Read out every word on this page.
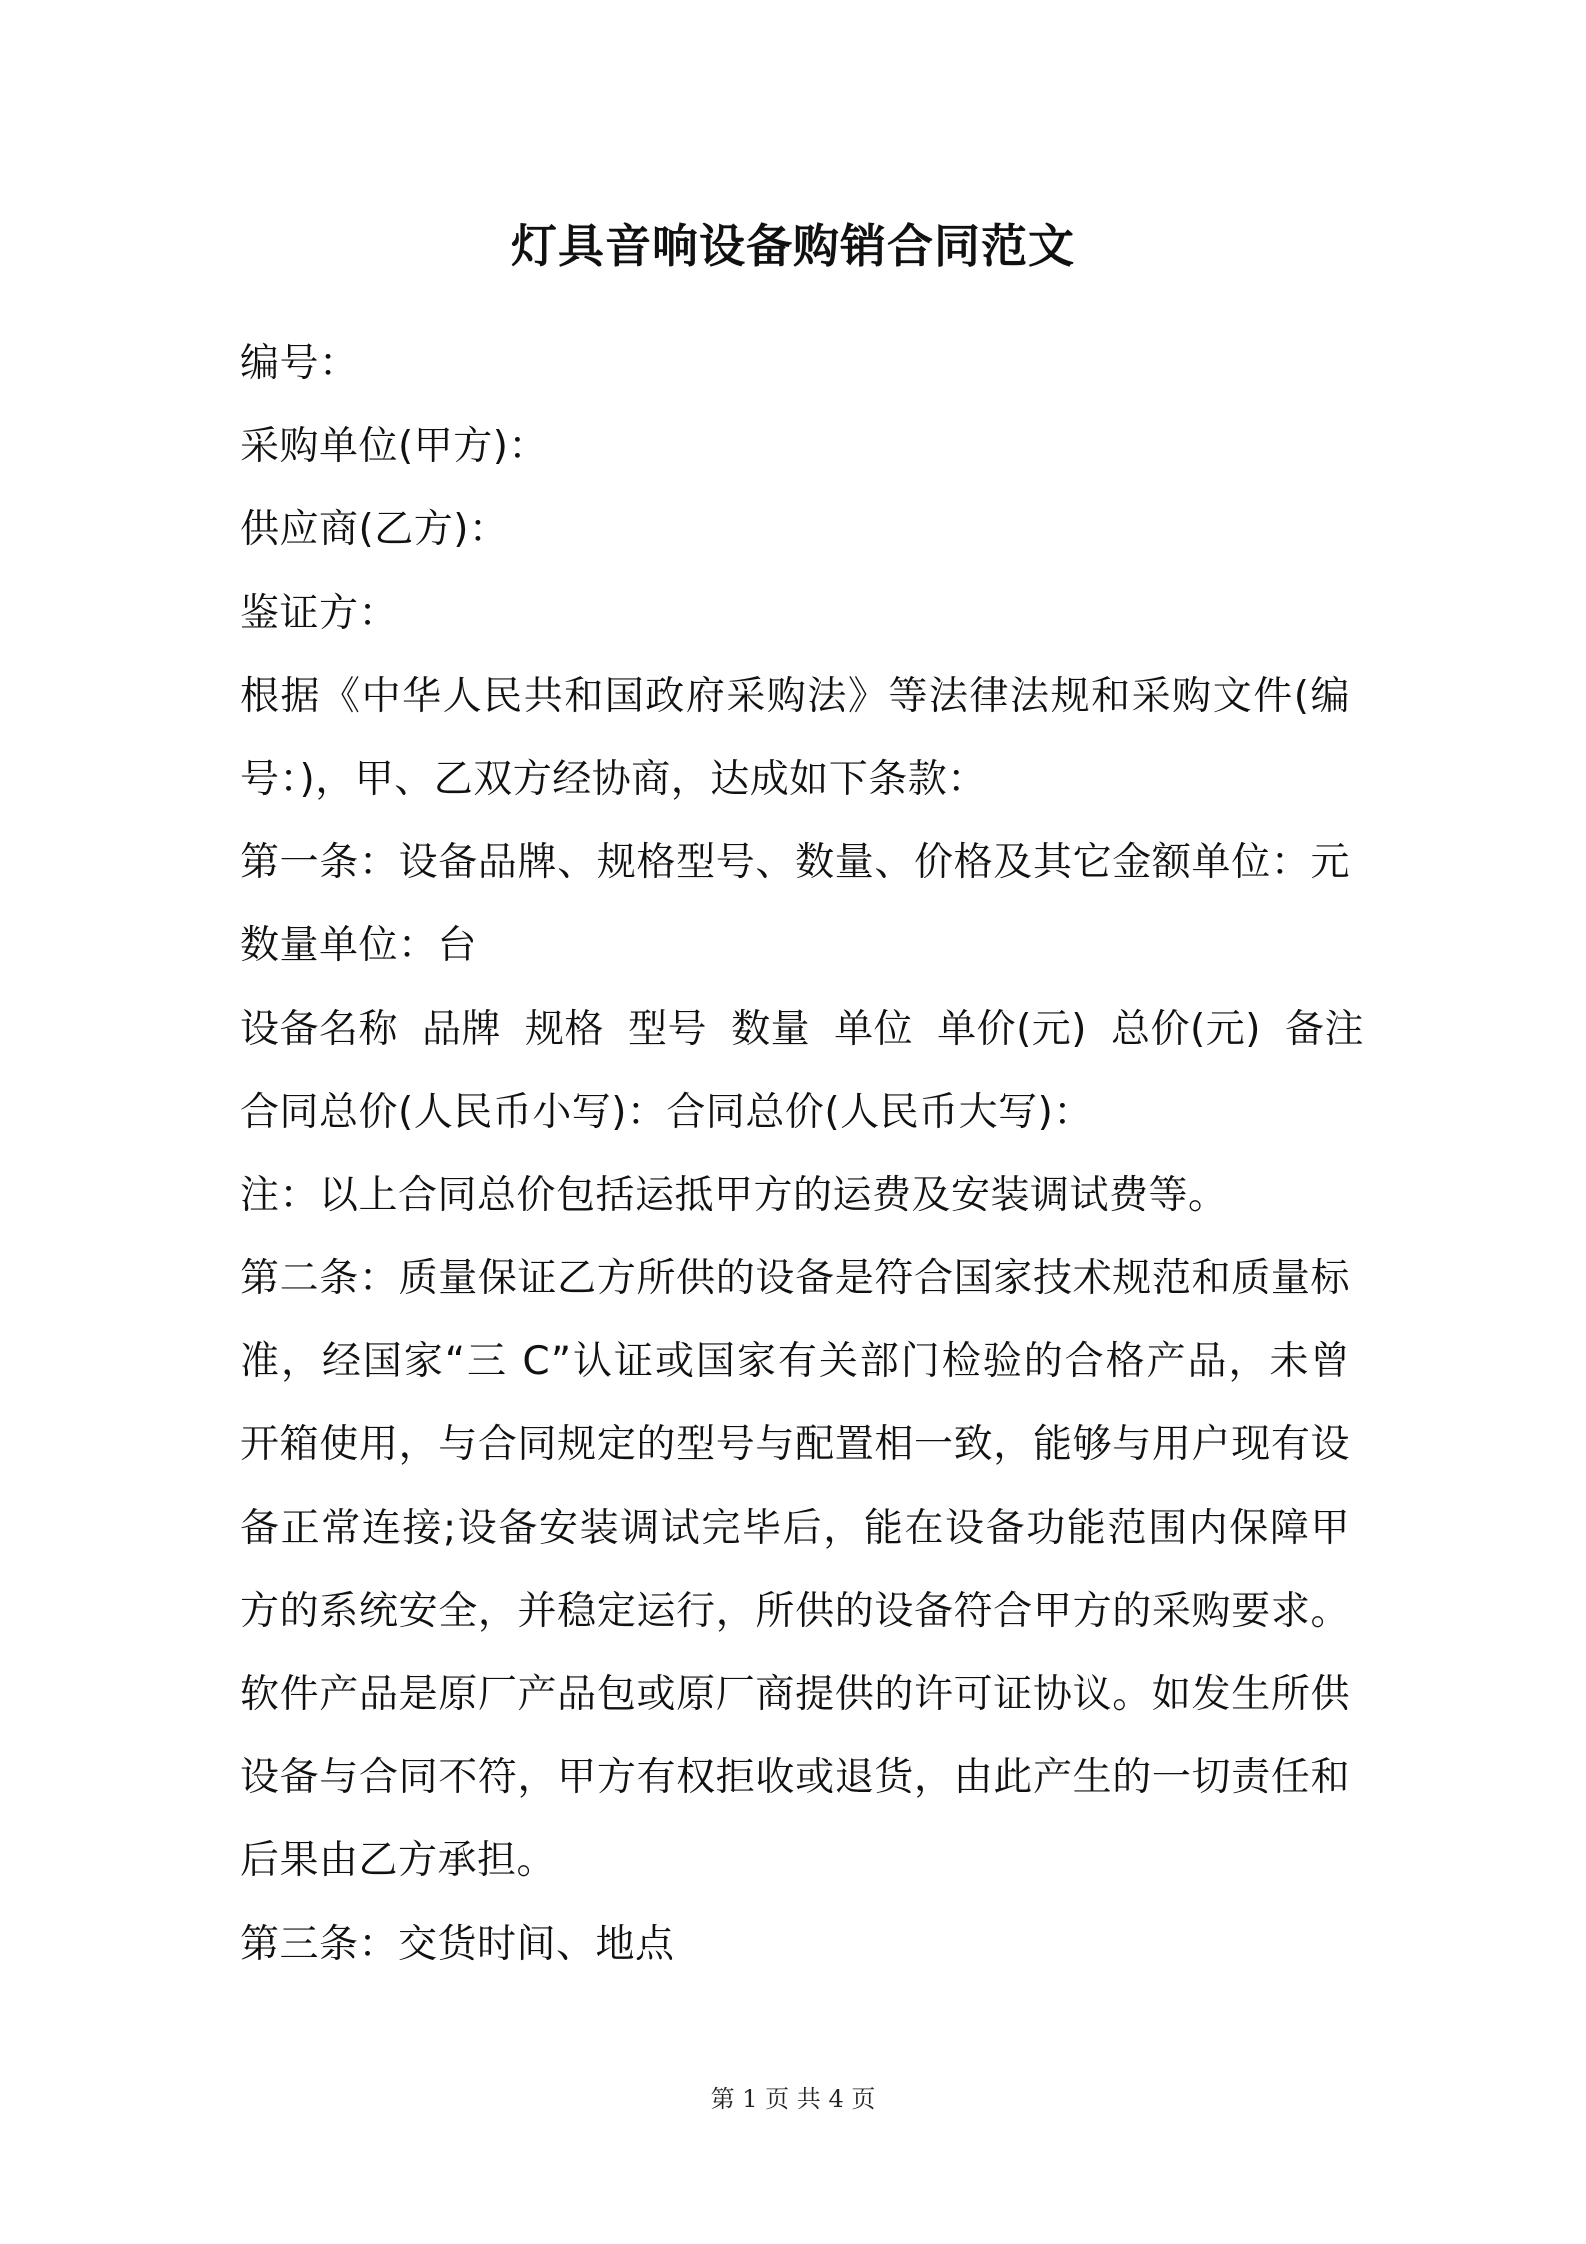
灯具音响设备购销合同范文
编号：
采购单位(甲方)：
供应商(乙方)：
鉴证方：
根据《中华人民共和国政府采购法》等法律法规和采购文件(编
号：)，甲、乙双方经协商，达成如下条款：
第一条：设备品牌、规格型号、数量、价格及其它金额单位：元
数量单位：台
设备名称 品牌 规格 型号 数量 单位 单价(元) 总价(元) 备注
合同总价(人民币小写)：合同总价(人民币大写)：
注：以上合同总价包括运抵甲方的运费及安装调试费等。
第二条：质量保证乙方所供的设备是符合国家技术规范和质量标
准，经国家“三 C”认证或国家有关部门检验的合格产品，未曾
开箱使用，与合同规定的型号与配置相一致，能够与用户现有设
备正常连接;设备安装调试完毕后，能在设备功能范围内保障甲
方的系统安全，并稳定运行，所供的设备符合甲方的采购要求。
软件产品是原厂产品包或原厂商提供的许可证协议。如发生所供
设备与合同不符，甲方有权拒收或退货，由此产生的一切责任和
后果由乙方承担。
第三条：交货时间、地点
第 1 页 共 4 页
